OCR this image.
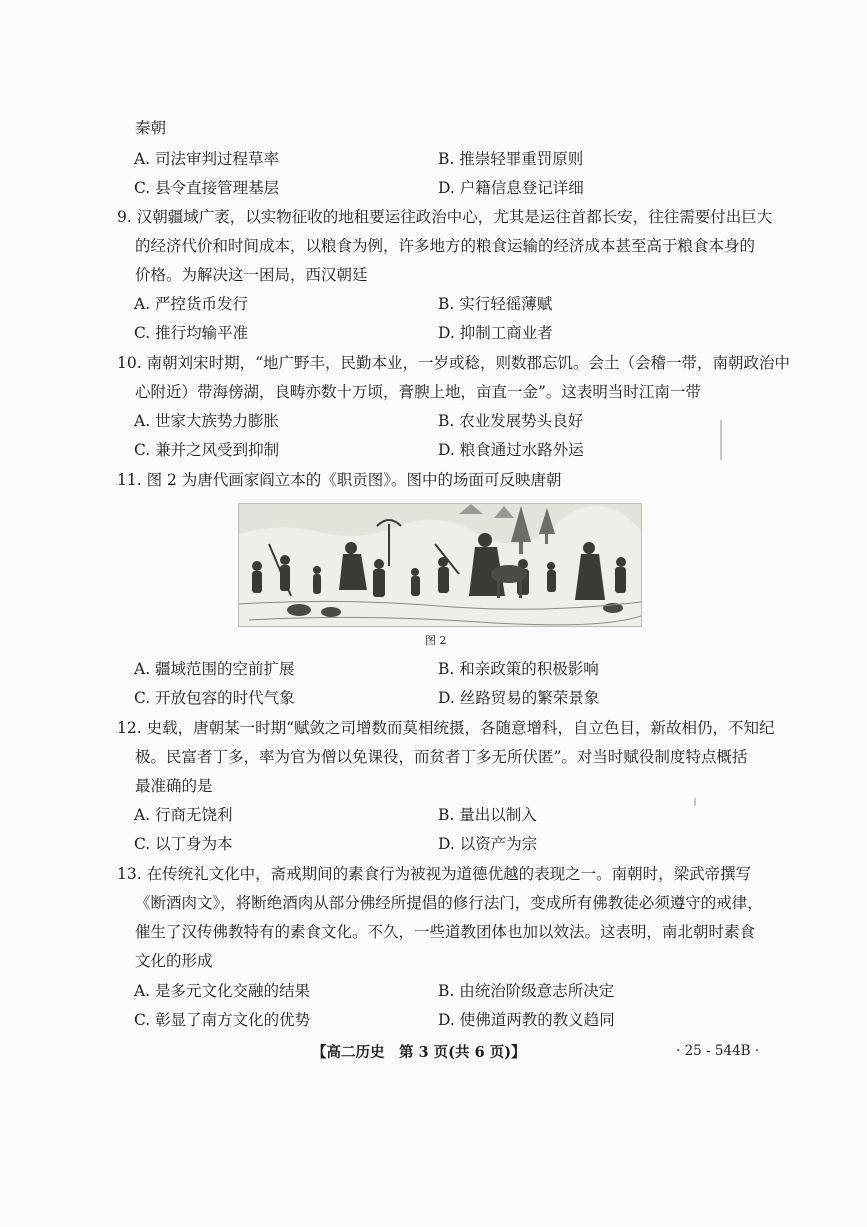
秦朝
A. 司法审判过程草率	B. 推崇轻罪重罚原则
C. 县令直接管理基层	D. 户籍信息登记详细
9. 汉朝疆域广袤，以实物征收的地租要运往政治中心，尤其是运往首都长安，往往需要付出巨大
的经济代价和时间成本，以粮食为例，许多地方的粮食运输的经济成本甚至高于粮食本身的
价格。为解决这一困局，西汉朝廷
A. 严控货币发行	B. 实行轻徭薄赋
C. 推行均输平准	D. 抑制工商业者
10. 南朝刘宋时期，“地广野丰，民勤本业，一岁或稔，则数郡忘饥。会土（会稽一带，南朝政治中
心附近）带海傍湖，良畴亦数十万顷，膏腴上地，亩直一金”。这表明当时江南一带
A. 世家大族势力膨胀	B. 农业发展势头良好
C. 兼并之风受到抑制	D. 粮食通过水路外运
11. 图 2 为唐代画家阎立本的《职贡图》。图中的场面可反映唐朝
A. 疆域范围的空前扩展	B. 和亲政策的积极影响
C. 开放包容的时代气象	D. 丝路贸易的繁荣景象
12. 史载，唐朝某一时期“赋敛之司增数而莫相统摄，各随意增科，自立色目，新故相仍，不知纪
极。民富者丁多，率为官为僧以免课役，而贫者丁多无所伏匿”。对当时赋役制度特点概括
最准确的是
A. 行商无饶利	B. 量出以制入
C. 以丁身为本	D. 以资产为宗
13. 在传统礼文化中，斋戒期间的素食行为被视为道德优越的表现之一。南朝时，梁武帝撰写
《断酒肉文》，将断绝酒肉从部分佛经所提倡的修行法门，变成所有佛教徒必须遵守的戒律，
催生了汉传佛教特有的素食文化。不久，一些道教团体也加以效法。这表明，南北朝时素食
文化的形成
A. 是多元文化交融的结果	B. 由统治阶级意志所决定
C. 彰显了南方文化的优势	D. 使佛道两教的教义趋同
图 2
【高二历史　第 3 页(共 6 页)】	· 25 - 544B ·
